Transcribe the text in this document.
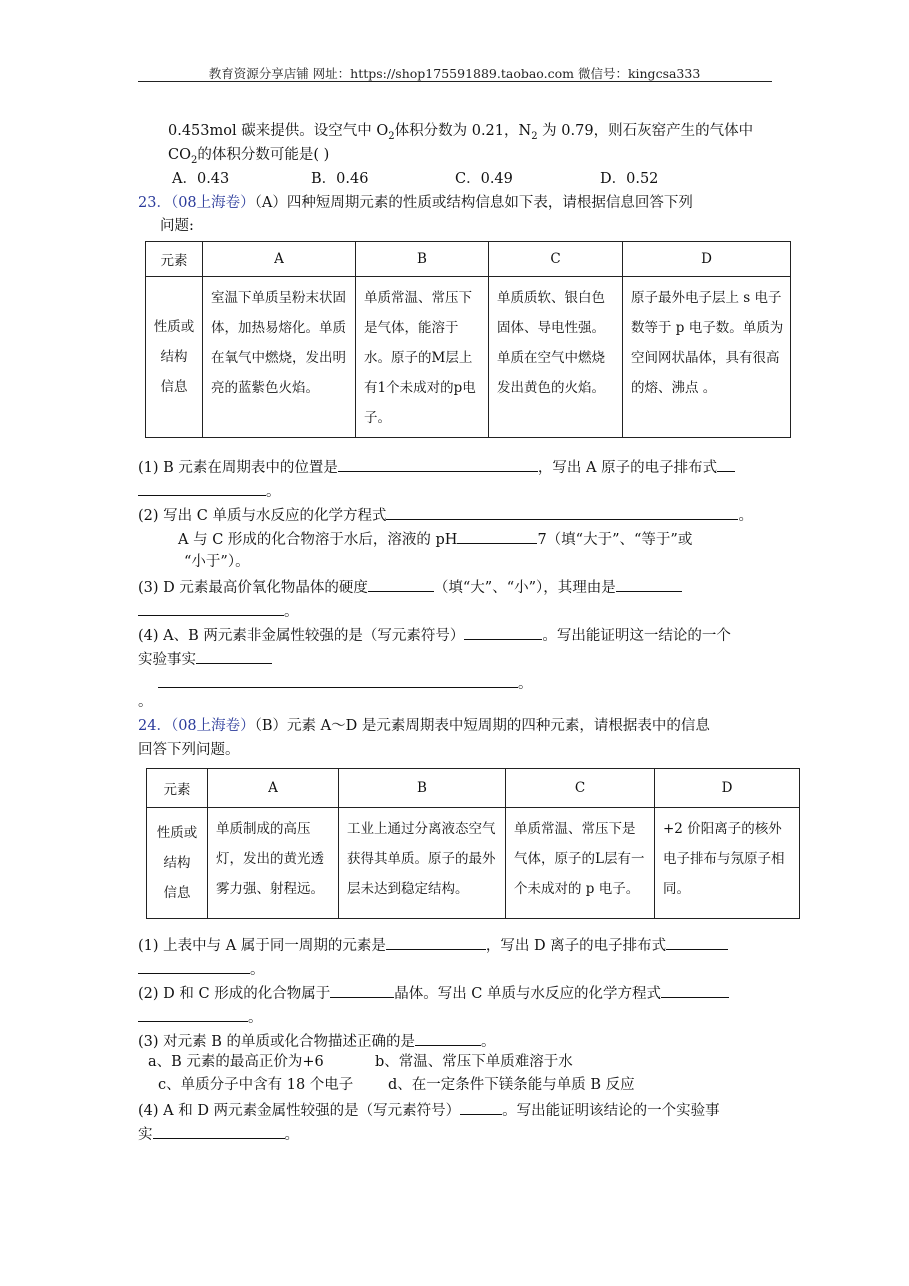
教育资源分享店铺 网址：https://shop175591889.taobao.com 微信号：kingcsa333
0.453mol 碳来提供。设空气中 $O_2$体积分数为 0.21，$N_2$ 为 0.79，则石灰窑产生的气体中
$CO_2$的体积分数可能是( )
A．0.43	B．0.46	C．0.49	D．0.52
23．（08上海卷）（A）四种短周期元素的性质或结构信息如下表，请根据信息回答下列
问题:
元素	A	B	C	D

性质或
结构
信息	室温下单质呈粉末状固体，加热易熔化。单质在氧气中燃烧，发出明亮的蓝紫色火焰。	单质常温、常压下是气体，能溶于水。原子的M层上有1个未成对的p电子。	单质质软、银白色固体、导电性强。单质在空气中燃烧发出黄色的火焰。	原子最外电子层上 s 电子数等于 p 电子数。单质为空间网状晶体，具有很高的熔、沸点 。
(1) B 元素在周期表中的位置是	，写出 A 原子的电子排布式
。
(2) 写出 C 单质与水反应的化学方程式	。
A 与 C 形成的化合物溶于水后，溶液的 pH	7（填“大于”、“等于”或
“小于”）。
(3) D 元素最高价氧化物晶体的硬度	（填“大”、“小”），其理由是
。
(4) A、B 两元素非金属性较强的是（写元素符号）	。写出能证明这一结论的一个
实验事实
。
。
24．（08上海卷）（B）元素 A～D 是元素周期表中短周期的四种元素，请根据表中的信息
回答下列问题。
元素	A	B	C	D

性质或
结构
信息	单质制成的高压灯，发出的黄光透雾力强、射程远。	工业上通过分离液态空气获得其单质。原子的最外层未达到稳定结构。	单质常温、常压下是气体，原子的L层有一个未成对的 p 电子。	+2 价阳离子的核外电子排布与氖原子相同。
(1) 上表中与 A 属于同一周期的元素是	，写出 D 离子的电子排布式
。
(2) D 和 C 形成的化合物属于	晶体。写出 C 单质与水反应的化学方程式
。
(3) 对元素 B 的单质或化合物描述正确的是	。
a、B 元素的最高正价为+6	b、常温、常压下单质难溶于水
c、单质分子中含有 18 个电子 d、在一定条件下镁条能与单质 B 反应
(4) A 和 D 两元素金属性较强的是（写元素符号）	。写出能证明该结论的一个实验事
实	。
